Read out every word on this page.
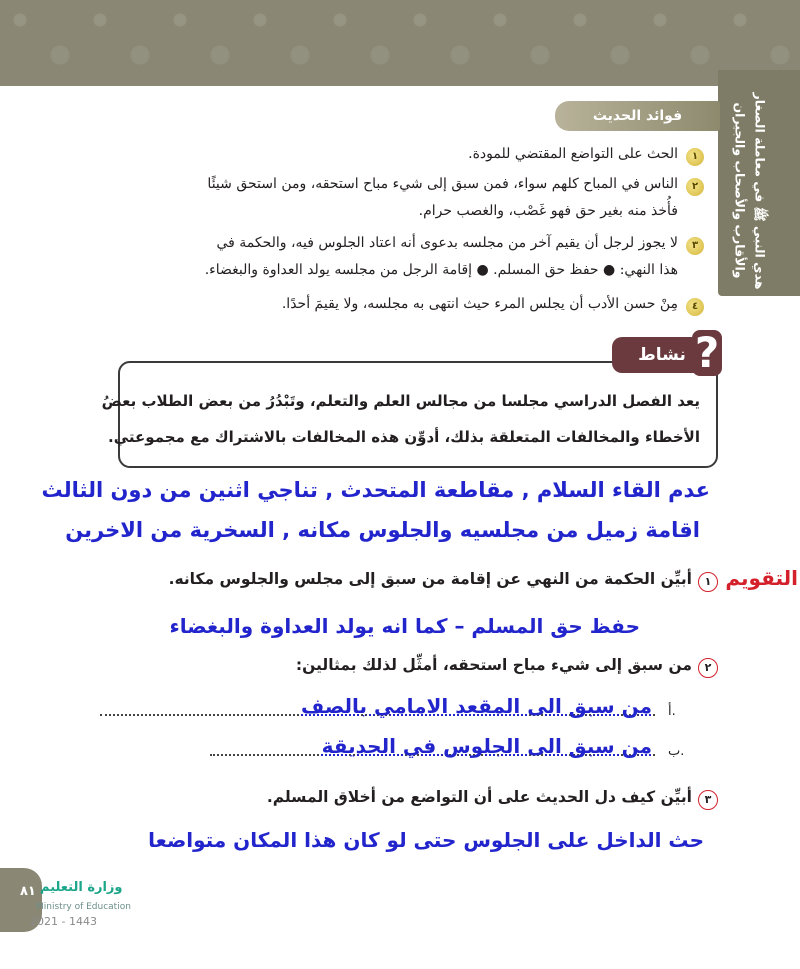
هدي النبي ﷺ في معاملة الصغار
والأقارب والأصحاب والجيران
فوائد الحديث
١
الحث على التواضع المقتضي للمودة.
٢
الناس في المباح كلهم سواء، فمن سبق إلى شيء مباح استحقه، ومن استحق شيئًا
فأُخذ منه بغير حق فهو غَصْب، والغصب حرام.
٣
لا يجوز لرجل أن يقيم آخر من مجلسه بدعوى أنه اعتاد الجلوس فيه، والحكمة في
هذا النهي: ● حفظ حق المسلم. ● إقامة الرجل من مجلسه يولد العداوة والبغضاء.
٤
مِنْ حسن الأدب أن يجلس المرء حيث انتهى به مجلسه، ولا يقيمَ أحدًا.
نشاط ?
يعد الفصل الدراسي مجلسا من مجالس العلم والتعلم، وتَبْدُرُ من بعض الطلاب بعضُ
الأخطاء والمخالفات المتعلقة بذلك، أدوِّن هذه المخالفات بالاشتراك مع مجموعتي.
عدم القاء السلام , مقاطعة المتحدث , تناجي اثنين من دون الثالث
اقامة زميل من مجلسيه والجلوس مكانه , السخرية من الاخرين
التقويم
١
أبيِّن الحكمة من النهي عن إقامة من سبق إلى مجلس والجلوس مكانه.
حفظ حق المسلم – كما انه يولد العداوة والبغضاء
٢
من سبق إلى شيء مباح استحقه، أمثِّل لذلك بمثالين:
أ.
من سبق الى المقعد الامامي بالصف
ب.
من سبق الى الجلوس في الحديقة
٣
أبيِّن كيف دل الحديث على أن التواضع من أخلاق المسلم.
حث الداخل على الجلوس حتى لو كان هذا المكان متواضعا
٨١ وزارة التعليم
Ministry of Education
2021 - 1443
